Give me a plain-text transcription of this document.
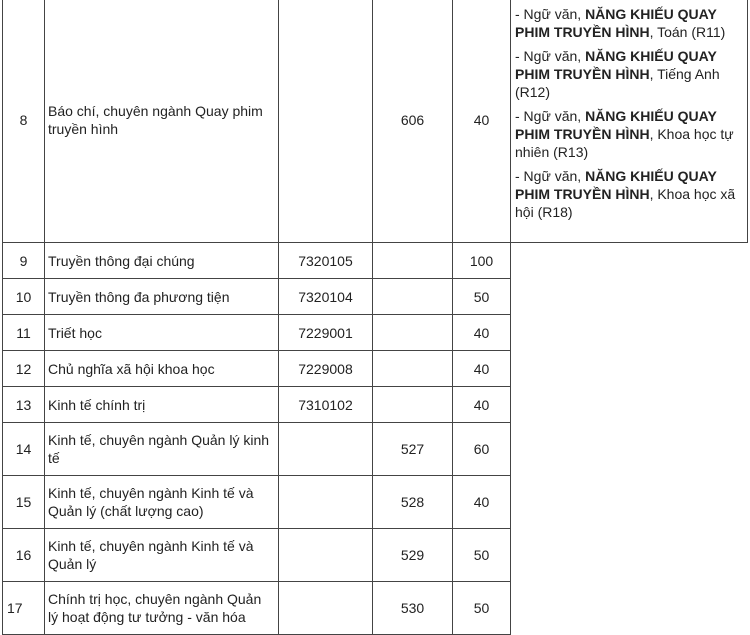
8	Báo chí, chuyên ngành Quay phim truyền hình		606	40	- Ngữ văn, NĂNG KHIẾU QUAY PHIM TRUYỀN HÌNH, Toán (R11)
- Ngữ văn, NĂNG KHIẾU QUAY PHIM TRUYỀN HÌNH, Tiếng Anh (R12)
- Ngữ văn, NĂNG KHIẾU QUAY PHIM TRUYỀN HÌNH, Khoa học tự nhiên (R13)
- Ngữ văn, NĂNG KHIẾU QUAY PHIM TRUYỀN HÌNH, Khoa học xã hội (R18)

9	Truyền thông đại chúng	7320105		100	
10	Truyền thông đa phương tiện	7320104		50	
11	Triết học	7229001		40	
12	Chủ nghĩa xã hội khoa học	7229008		40	
13	Kinh tế chính trị	7310102		40	
14	Kinh tế, chuyên ngành Quản lý kinh tế		527	60	
15	Kinh tế, chuyên ngành Kinh tế và Quản lý (chất lượng cao)		528	40	
16	Kinh tế, chuyên ngành Kinh tế và Quản lý		529	50	
17	Chính trị học, chuyên ngành Quản lý hoạt động tư tưởng - văn hóa		530	50	
